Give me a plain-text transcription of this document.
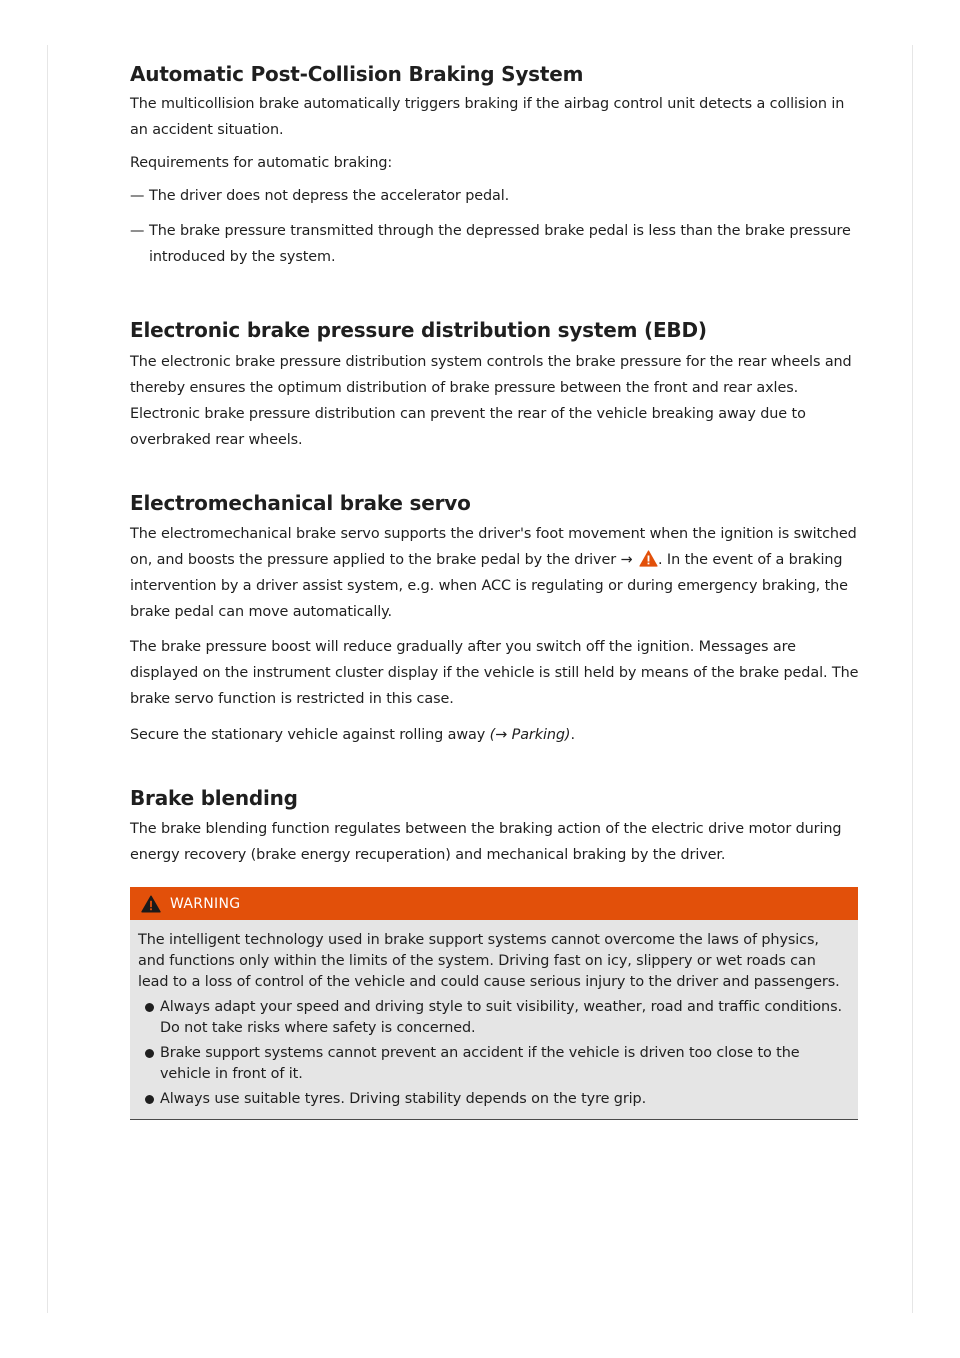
Automatic Post-Collision Braking System

The multicollision brake automatically triggers braking if the airbag control unit detects a collision in an accident situation.

Requirements for automatic braking:

— The driver does not depress the accelerator pedal.
— The brake pressure transmitted through the depressed brake pedal is less than the brake pressure introduced by the system.
Electronic brake pressure distribution system (EBD)

The electronic brake pressure distribution system controls the brake pressure for the rear wheels and thereby ensures the optimum distribution of brake pressure between the front and rear axles. Electronic brake pressure distribution can prevent the rear of the vehicle breaking away due to overbraked rear wheels.

Electromechanical brake servo

The electromechanical brake servo supports the driver's foot movement when the ignition is switched on, and boosts the pressure applied to the brake pedal by the driver → . In the event of a braking intervention by a driver assist system, e.g. when ACC is regulating or during emergency braking, the brake pedal can move automatically.

The brake pressure boost will reduce gradually after you switch off the ignition. Messages are displayed on the instrument cluster display if the vehicle is still held by means of the brake pedal. The brake servo function is restricted in this case.

Secure the stationary vehicle against rolling away (→ Parking).

Brake blending

The brake blending function regulates between the braking action of the electric drive motor during energy recovery (brake energy recuperation) and mechanical braking by the driver.

WARNING

The intelligent technology used in brake support systems cannot overcome the laws of physics, and functions only within the limits of the system. Driving fast on icy, slippery or wet roads can lead to a loss of control of the vehicle and could cause serious injury to the driver and passengers.

Always adapt your speed and driving style to suit visibility, weather, road and traffic conditions. Do not take risks where safety is concerned.
Brake support systems cannot prevent an accident if the vehicle is driven too close to the vehicle in front of it.
Always use suitable tyres. Driving stability depends on the tyre grip.
